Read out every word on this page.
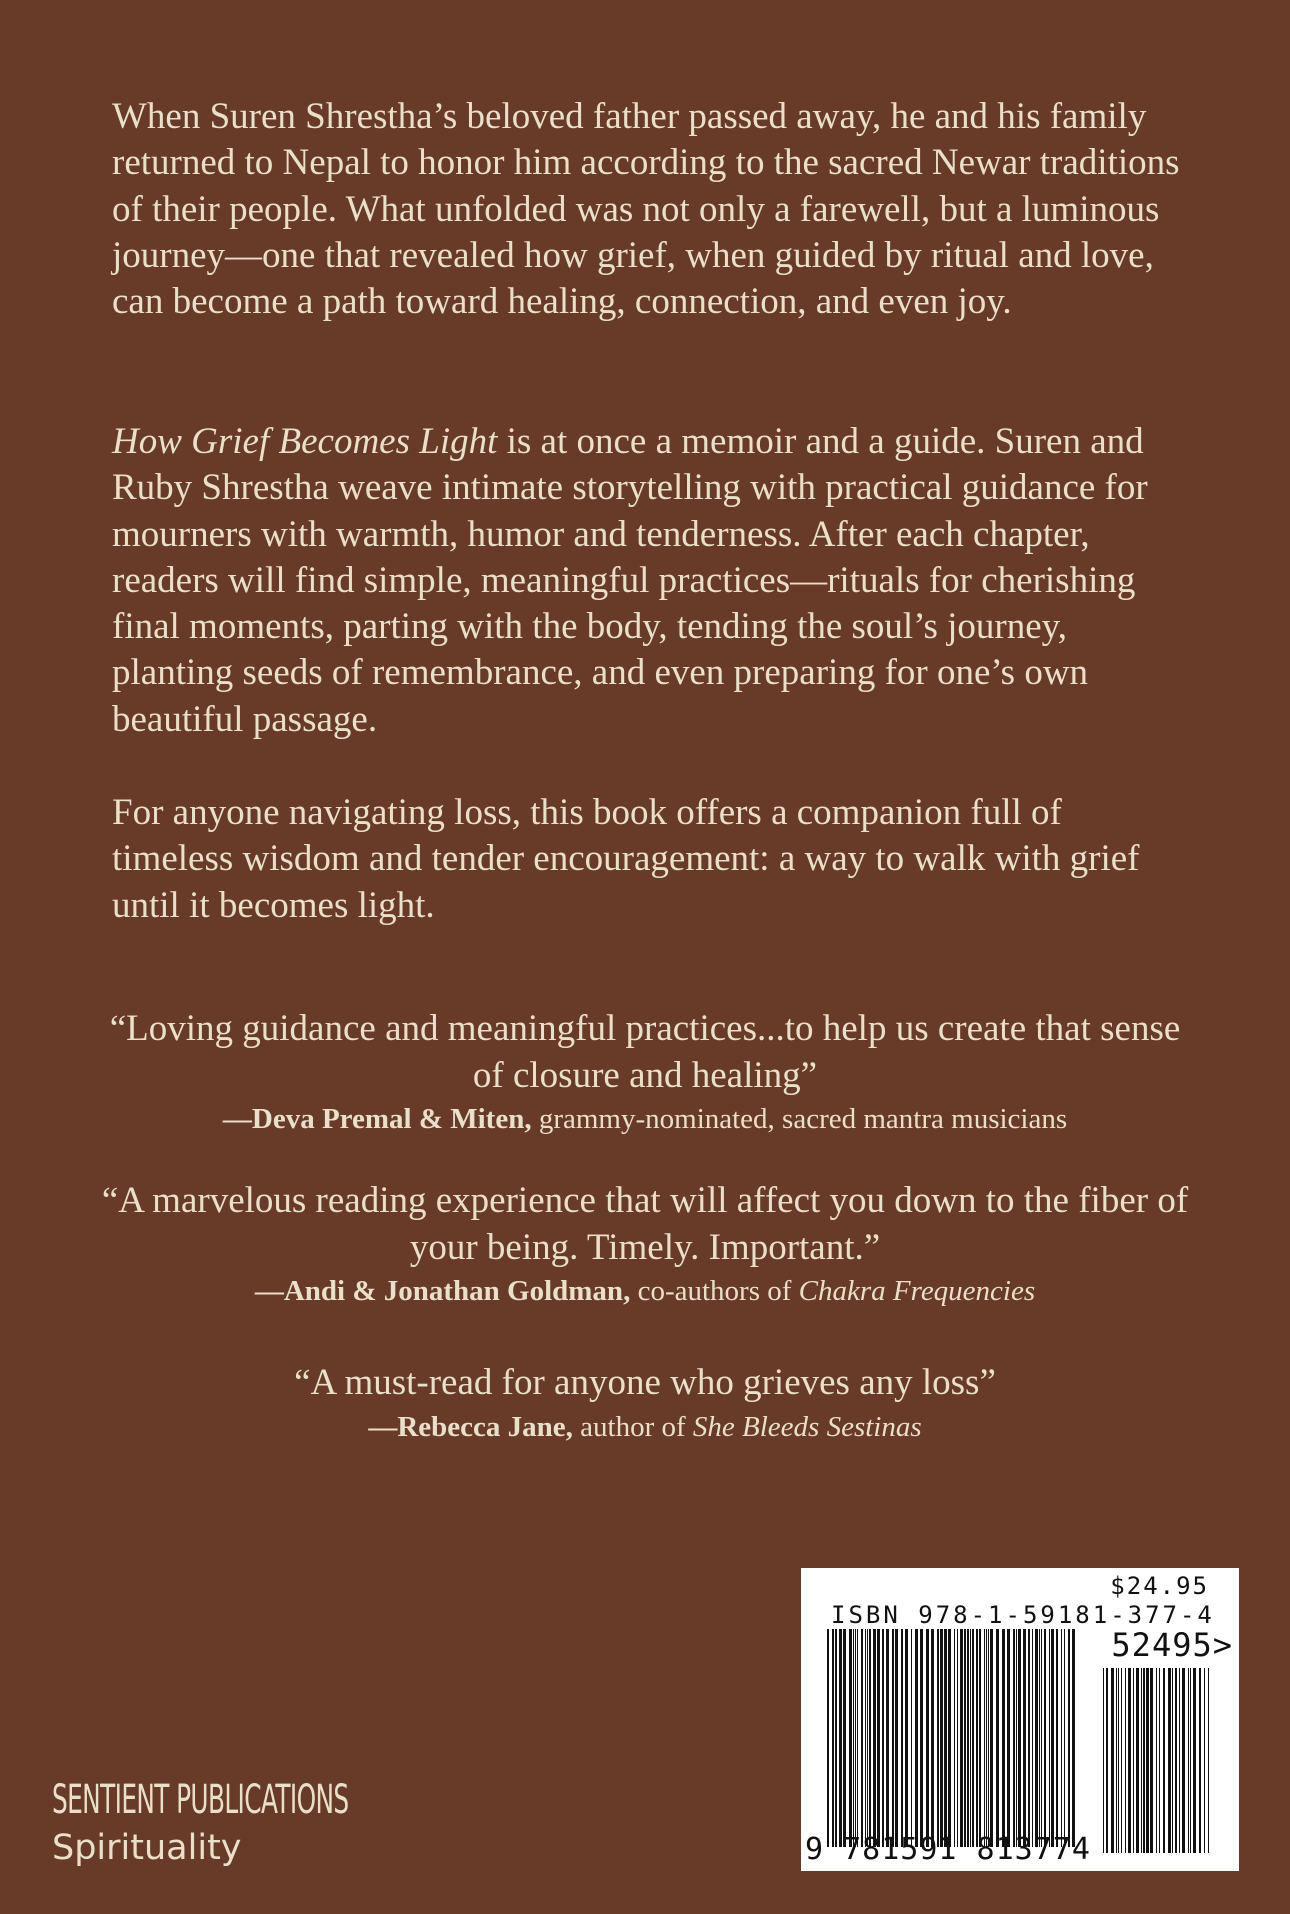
When Suren Shrestha’s beloved father passed away, he and his family returned to Nepal to honor him according to the sacred Newar traditions of their people. What unfolded was not only a farewell, but a luminous journey—one that revealed how grief, when guided by ritual and love, can become a path toward healing, connection, and even joy.

How Grief Becomes Light is at once a memoir and a guide. Suren and Ruby Shrestha weave intimate storytelling with practical guidance for mourners with warmth, humor and tenderness. After each chapter, readers will find simple, meaningful practices—rituals for cherishing final moments, parting with the body, tending the soul’s journey, planting seeds of remembrance, and even preparing for one’s own beautiful passage.

For anyone navigating loss, this book offers a companion full of timeless wisdom and tender encouragement: a way to walk with grief until it becomes light.

“Loving guidance and meaningful practices...to help us create that sense of closure and healing”

—Deva Premal & Miten, grammy-nominated, sacred mantra musicians

“A marvelous reading experience that will affect you down to the fiber of your being. Timely. Important.”

—Andi & Jonathan Goldman, co-authors of Chakra Frequencies

“A must-read for anyone who grieves any loss”

—Rebecca Jane, author of She Bleeds Sestinas

SENTIENT PUBLICATIONS
Spirituality
$24.95
ISBN 978-1-59181-377-4
52495>
9 781591 813774
